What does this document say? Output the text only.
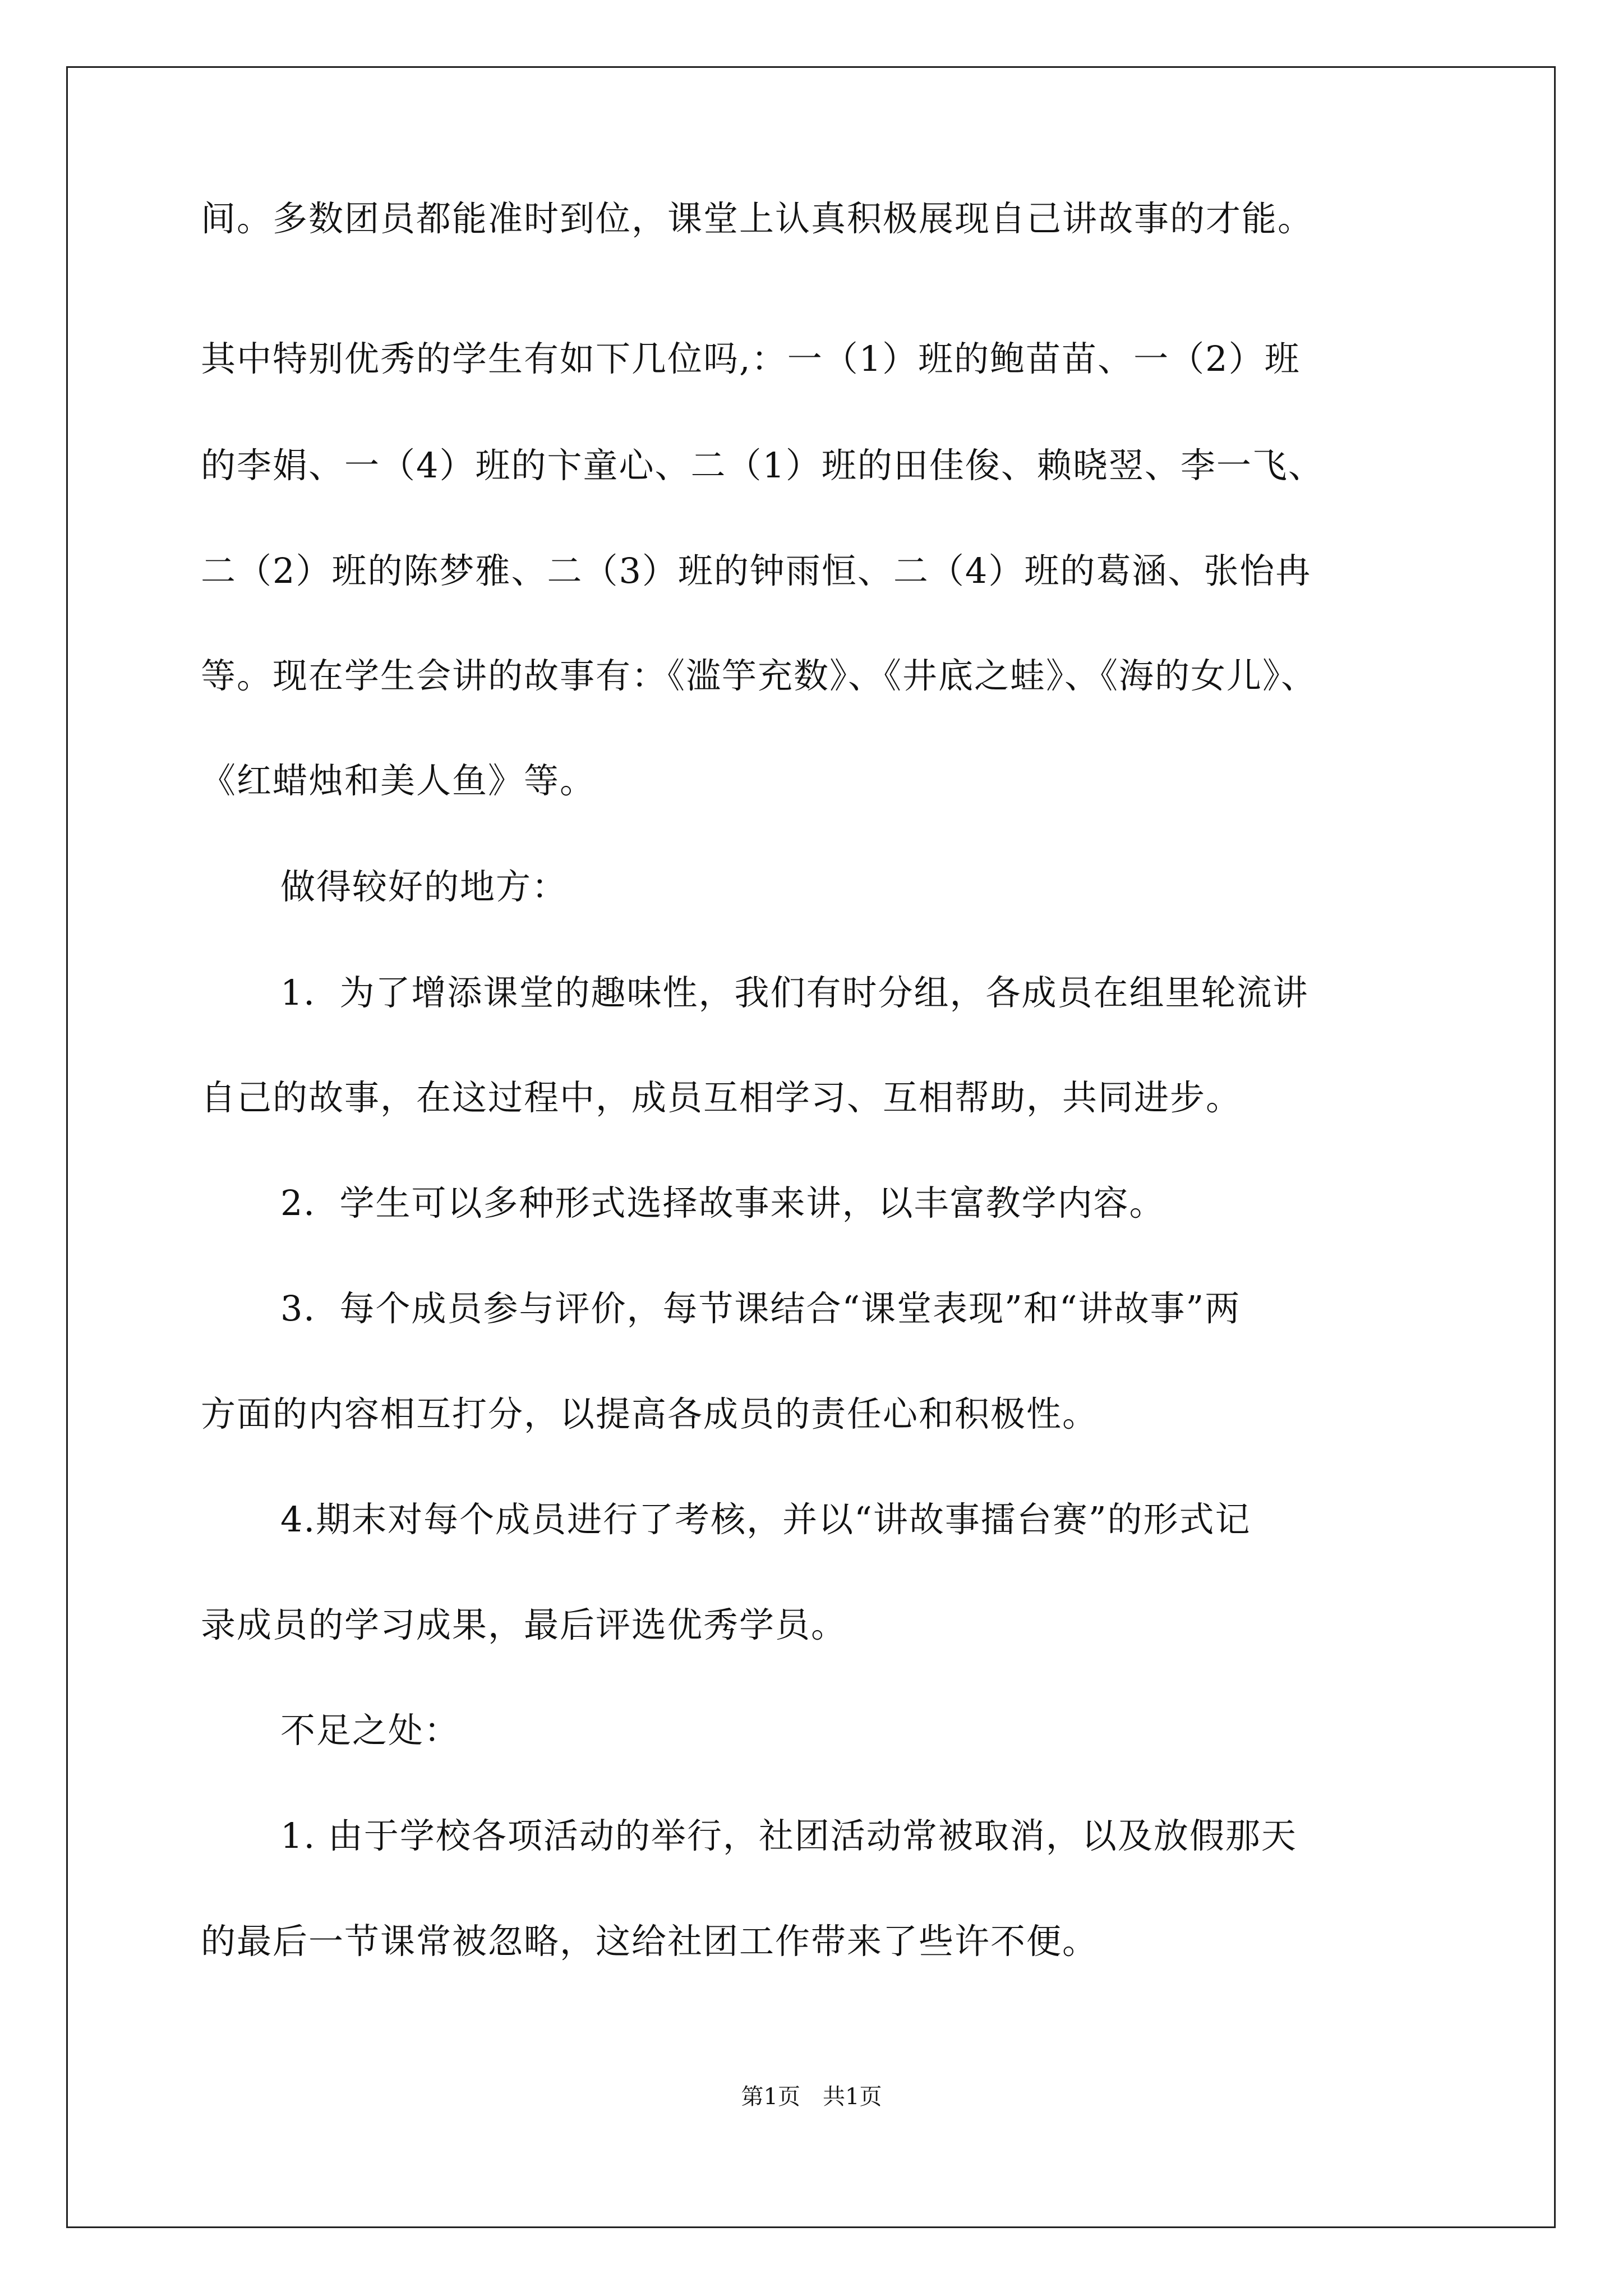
间。多数团员都能准时到位，课堂上认真积极展现自己讲故事的才能。
其中特别优秀的学生有如下几位吗,：一（1）班的鲍苗苗、一（2）班
的李娟、一（4）班的卞童心、二（1）班的田佳俊、赖晓翌、李一飞、
二（2）班的陈梦雅、二（3）班的钟雨恒、二（4）班的葛涵、张怡冉
等。现在学生会讲的故事有：《滥竽充数》、《井底之蛙》、《海的女儿》、
《红蜡烛和美人鱼》等。
做得较好的地方：
1．为了增添课堂的趣味性，我们有时分组，各成员在组里轮流讲
自己的故事，在这过程中，成员互相学习、互相帮助，共同进步。
2．学生可以多种形式选择故事来讲，以丰富教学内容。
3．每个成员参与评价，每节课结合“课堂表现”和“讲故事”两
方面的内容相互打分，以提高各成员的责任心和积极性。
4.期末对每个成员进行了考核，并以“讲故事擂台赛”的形式记
录成员的学习成果，最后评选优秀学员。
不足之处：
1. 由于学校各项活动的举行，社团活动常被取消，以及放假那天
的最后一节课常被忽略，这给社团工作带来了些许不便。
第1页　共1页
